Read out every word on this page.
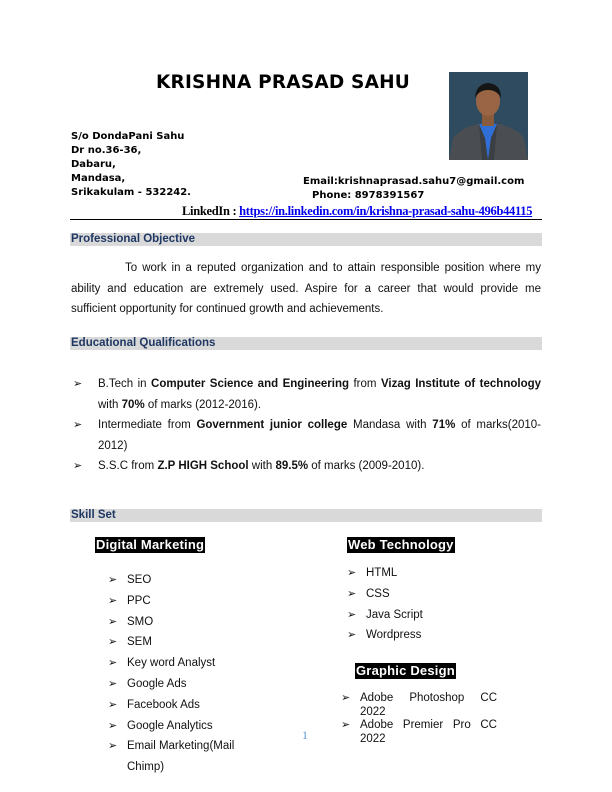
KRISHNA PRASAD SAHU
S/o DondaPani Sahu
Dr no.36-36,
Dabaru,
Mandasa,
Srikakulam - 532242.
Email:krishnaprasad.sahu7@gmail.com
Phone: 8978391567
LinkedIn : https://in.linkedin.com/in/krishna-prasad-sahu-496b44115
Professional Objective
To work in a reputed organization and to attain responsible position where my ability and education are extremely used. Aspire for a career that would provide me sufficient opportunity for continued growth and achievements.
Educational Qualifications
➢ B.Tech in Computer Science and Engineering from Vizag Institute of technology with 70% of marks (2012-2016).
➢ Intermediate from Government junior college Mandasa with 71% of marks(2010-2012)
➢ S.S.C from Z.P HIGH School with 89.5% of marks (2009-2010).
Skill Set
Digital Marketing
➢ SEO
➢ PPC
➢ SMO
➢ SEM
➢ Key word Analyst
➢ Google Ads
➢ Facebook Ads
➢ Google Analytics
➢ Email Marketing(Mail Chimp)
Web Technology
➢ HTML
➢ CSS
➢ Java Script
➢ Wordpress
Graphic Design
➢ Adobe Photoshop CC 2022
➢ Adobe Premier Pro CC 2022
1
